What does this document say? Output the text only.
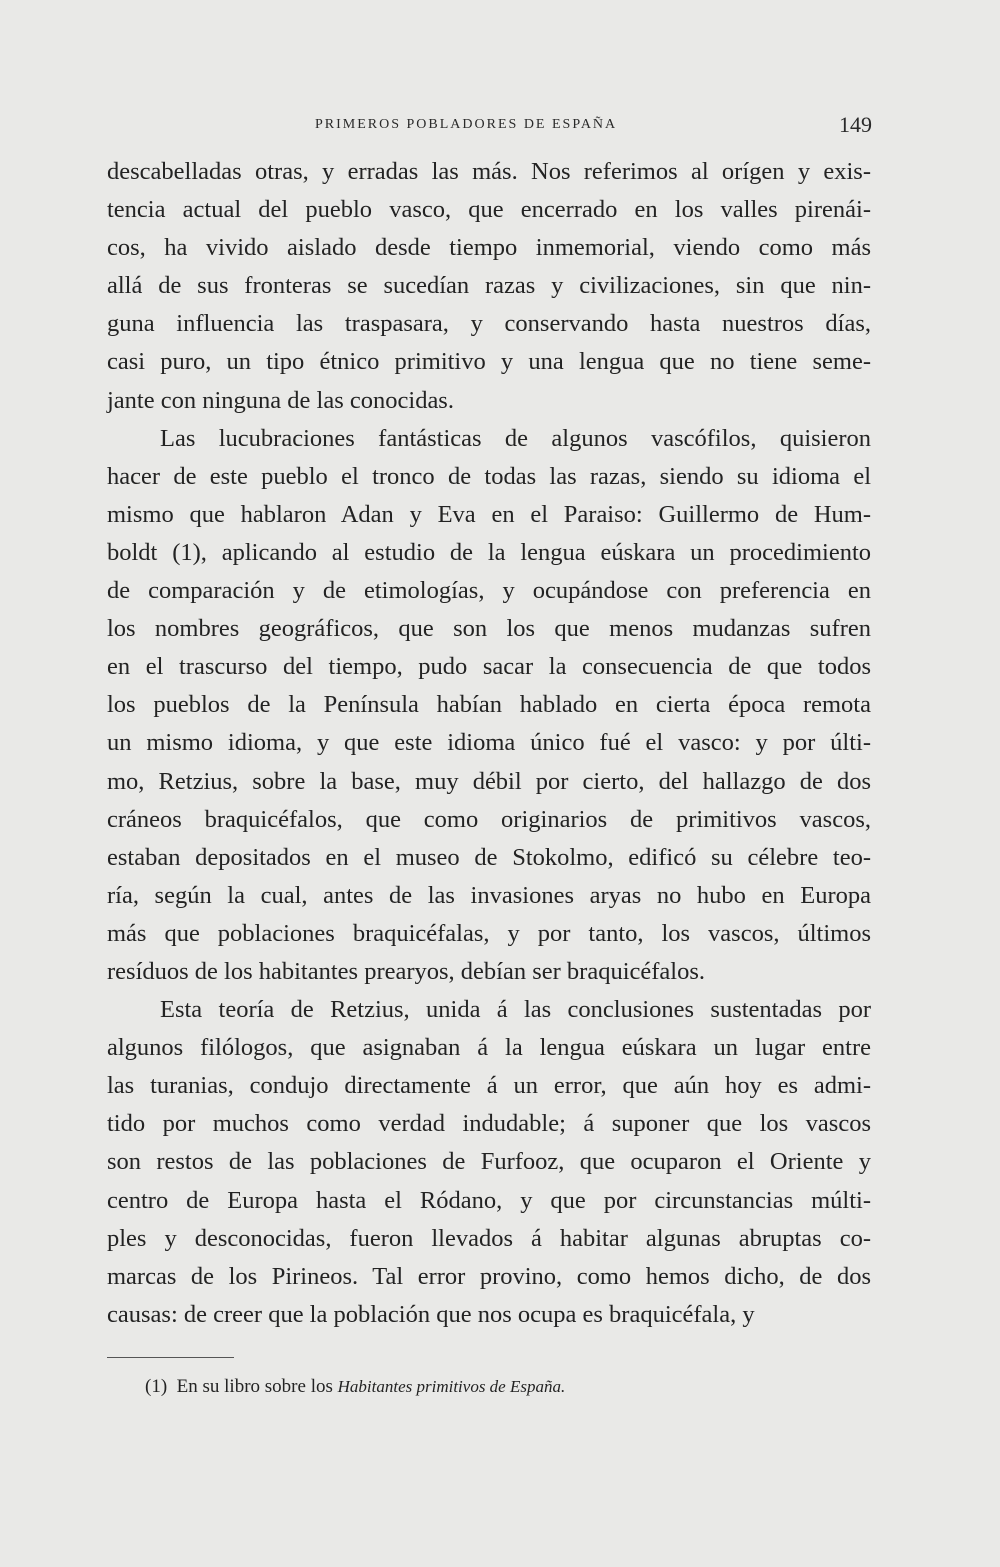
PRIMEROS POBLADORES DE ESPAÑA	149
descabelladas otras, y erradas las más. Nos referimos al orígen y exis-
tencia actual del pueblo vasco, que encerrado en los valles pirenái-
cos, ha vivido aislado desde tiempo inmemorial, viendo como más
allá de sus fronteras se sucedían razas y civilizaciones, sin que nin-
guna influencia las traspasara, y conservando hasta nuestros días,
casi puro, un tipo étnico primitivo y una lengua que no tiene seme-
jante con ninguna de las conocidas.
Las lucubraciones fantásticas de algunos vascófilos, quisieron
hacer de este pueblo el tronco de todas las razas, siendo su idioma el
mismo que hablaron Adan y Eva en el Paraiso: Guillermo de Hum-
boldt (1), aplicando al estudio de la lengua eúskara un procedimiento
de comparación y de etimologías, y ocupándose con preferencia en
los nombres geográficos, que son los que menos mudanzas sufren
en el trascurso del tiempo, pudo sacar la consecuencia de que todos
los pueblos de la Península habían hablado en cierta época remota
un mismo idioma, y que este idioma único fué el vasco: y por últi-
mo, Retzius, sobre la base, muy débil por cierto, del hallazgo de dos
cráneos braquicéfalos, que como originarios de primitivos vascos,
estaban depositados en el museo de Stokolmo, edificó su célebre teo-
ría, según la cual, antes de las invasiones aryas no hubo en Europa
más que poblaciones braquicéfalas, y por tanto, los vascos, últimos
resíduos de los habitantes prearyos, debían ser braquicéfalos.
Esta teoría de Retzius, unida á las conclusiones sustentadas por
algunos filólogos, que asignaban á la lengua eúskara un lugar entre
las turanias, condujo directamente á un error, que aún hoy es admi-
tido por muchos como verdad indudable; á suponer que los vascos
son restos de las poblaciones de Furfooz, que ocuparon el Oriente y
centro de Europa hasta el Ródano, y que por circunstancias múlti-
ples y desconocidas, fueron llevados á habitar algunas abruptas co-
marcas de los Pirineos. Tal error provino, como hemos dicho, de dos
causas: de creer que la población que nos ocupa es braquicéfala, y
(1) En su libro sobre los Habitantes primitivos de España.
